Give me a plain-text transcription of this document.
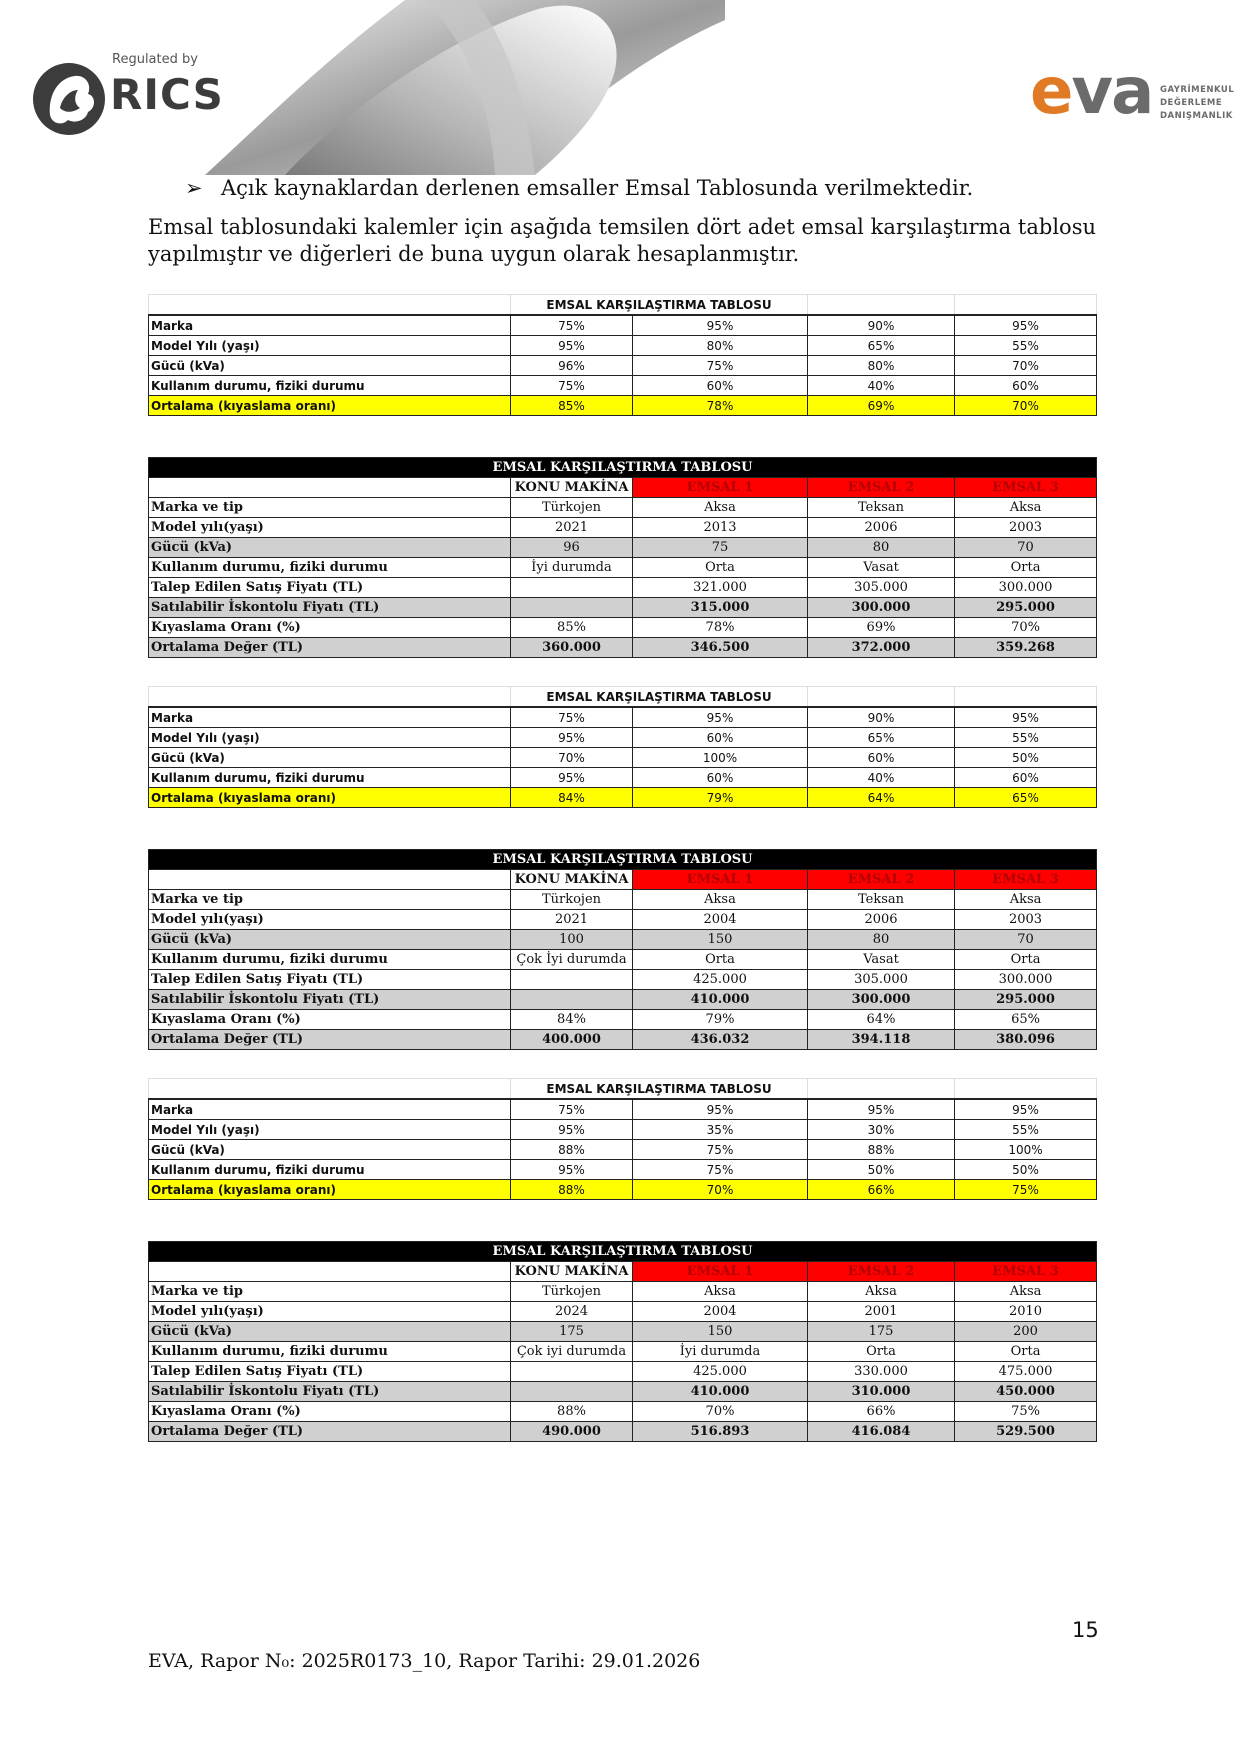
Regulated by
RICS	eva GAYRİMENKUL
DEĞERLEME
DANIŞMANLIK
➢ Açık kaynaklardan derlenen emsaller Emsal Tablosunda verilmektedir.
Emsal tablosundaki kalemler için aşağıda temsilen dört adet emsal karşılaştırma tablosu yapılmıştır ve diğerleri de buna uygun olarak hesaplanmıştır.
	EMSAL KARŞILAŞTIRMA TABLOSU			
Marka	75%	95%	90%	95%
Model Yılı (yaşı)	95%	80%	65%	55%
Gücü (kVa)	96%	75%	80%	70%
Kullanım durumu, fiziki durumu	75%	60%	40%	60%
Ortalama (kıyaslama oranı)	85%	78%	69%	70%
EMSAL KARŞILAŞTIRMA TABLOSU				
	KONU MAKİNA	EMSAL 1	EMSAL 2	EMSAL 3
Marka ve tip	Türkojen	Aksa	Teksan	Aksa
Model yılı(yaşı)	2021	2013	2006	2003
Gücü (kVa)	96	75	80	70
Kullanım durumu, fiziki durumu	İyi durumda	Orta	Vasat	Orta
Talep Edilen Satış Fiyatı (TL)		321.000	305.000	300.000
Satılabilir İskontolu Fiyatı (TL)		315.000	300.000	295.000
Kıyaslama Oranı (%)	85%	78%	69%	70%
Ortalama Değer (TL)	360.000	346.500	372.000	359.268
	EMSAL KARŞILAŞTIRMA TABLOSU			
Marka	75%	95%	90%	95%
Model Yılı (yaşı)	95%	60%	65%	55%
Gücü (kVa)	70%	100%	60%	50%
Kullanım durumu, fiziki durumu	95%	60%	40%	60%
Ortalama (kıyaslama oranı)	84%	79%	64%	65%
EMSAL KARŞILAŞTIRMA TABLOSU				
	KONU MAKİNA	EMSAL 1	EMSAL 2	EMSAL 3
Marka ve tip	Türkojen	Aksa	Teksan	Aksa
Model yılı(yaşı)	2021	2004	2006	2003
Gücü (kVa)	100	150	80	70
Kullanım durumu, fiziki durumu	Çok İyi durumda	Orta	Vasat	Orta
Talep Edilen Satış Fiyatı (TL)		425.000	305.000	300.000
Satılabilir İskontolu Fiyatı (TL)		410.000	300.000	295.000
Kıyaslama Oranı (%)	84%	79%	64%	65%
Ortalama Değer (TL)	400.000	436.032	394.118	380.096
	EMSAL KARŞILAŞTIRMA TABLOSU			
Marka	75%	95%	95%	95%
Model Yılı (yaşı)	95%	35%	30%	55%
Gücü (kVa)	88%	75%	88%	100%
Kullanım durumu, fiziki durumu	95%	75%	50%	50%
Ortalama (kıyaslama oranı)	88%	70%	66%	75%
EMSAL KARŞILAŞTIRMA TABLOSU				
	KONU MAKİNA	EMSAL 1	EMSAL 2	EMSAL 3
Marka ve tip	Türkojen	Aksa	Aksa	Aksa
Model yılı(yaşı)	2024	2004	2001	2010
Gücü (kVa)	175	150	175	200
Kullanım durumu, fiziki durumu	Çok iyi durumda	İyi durumda	Orta	Orta
Talep Edilen Satış Fiyatı (TL)		425.000	330.000	475.000
Satılabilir İskontolu Fiyatı (TL)		410.000	310.000	450.000
Kıyaslama Oranı (%)	88%	70%	66%	75%
Ortalama Değer (TL)	490.000	516.893	416.084	529.500
15
EVA, Rapor N₀: 2025R0173_10, Rapor Tarihi: 29.01.2026
